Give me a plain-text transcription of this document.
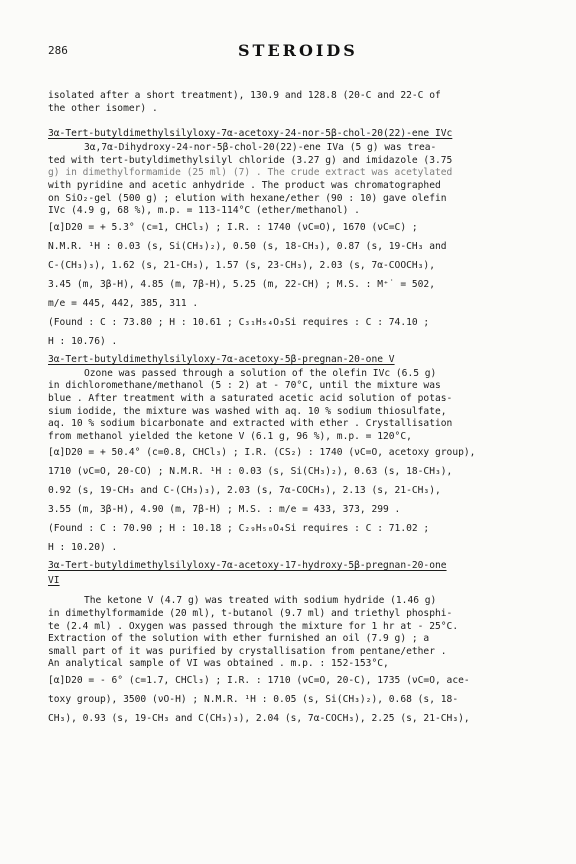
286	STEROIDS
isolated after a short treatment), 130.9 and 128.8 (20-C and 22-C of
the other isomer) .
3α-Tert-butyldimethylsilyloxy-7α-acetoxy-24-nor-5β-chol-20(22)-ene IVc
3α,7α-Dihydroxy-24-nor-5β-chol-20(22)-ene IVa (5 g) was trea-
ted with tert-butyldimethylsilyl chloride (3.27 g) and imidazole (3.75
g) in dimethylformamide (25 ml) (7) . The crude extract was acetylated
with pyridine and acetic anhydride . The product was chromatographed
on SiO₂-gel (500 g) ; elution with hexane/ether (90 : 10) gave olefin
IVc (4.9 g, 68 %), m.p. = 113-114°C (ether/methanol) .
[α]D20 = + 5.3° (c=1, CHCl₃) ; I.R. : 1740 (νC=O), 1670 (νC=C) ;
N.M.R. ¹H : 0.03 (s, Si(CH₃)₂), 0.50 (s, 18-CH₃), 0.87 (s, 19-CH₃ and
C-(CH₃)₃), 1.62 (s, 21-CH₃), 1.57 (s, 23-CH₃), 2.03 (s, 7α-COOCH₃),
3.45 (m, 3β-H), 4.85 (m, 7β-H), 5.25 (m, 22-CH) ; M.S. : M⁺˙ = 502,
m/e = 445, 442, 385, 311 .
(Found : C : 73.80 ; H : 10.61 ; C₃₁H₅₄O₃Si requires : C : 74.10 ;
H : 10.76) .
3α-Tert-butyldimethylsilyloxy-7α-acetoxy-5β-pregnan-20-one V
Ozone was passed through a solution of the olefin IVc (6.5 g)
in dichloromethane/methanol (5 : 2) at - 70°C, until the mixture was
blue . After treatment with a saturated acetic acid solution of potas-
sium iodide, the mixture was washed with aq. 10 % sodium thiosulfate,
aq. 10 % sodium bicarbonate and extracted with ether . Crystallisation
from methanol yielded the ketone V (6.1 g, 96 %), m.p. = 120°C,
[α]D20 = + 50.4° (c=0.8, CHCl₃) ; I.R. (CS₂) : 1740 (νC=O, acetoxy group),
1710 (νC=O, 20-CO) ; N.M.R. ¹H : 0.03 (s, Si(CH₃)₂), 0.63 (s, 18-CH₃),
0.92 (s, 19-CH₃ and C-(CH₃)₃), 2.03 (s, 7α-COCH₃), 2.13 (s, 21-CH₃),
3.55 (m, 3β-H), 4.90 (m, 7β-H) ; M.S. : m/e = 433, 373, 299 .
(Found : C : 70.90 ; H : 10.18 ; C₂₉H₅₀O₄Si requires : C : 71.02 ;
H : 10.20) .
3α-Tert-butyldimethylsilyloxy-7α-acetoxy-17-hydroxy-5β-pregnan-20-one
VI
The ketone V (4.7 g) was treated with sodium hydride (1.46 g)
in dimethylformamide (20 ml), t-butanol (9.7 ml) and triethyl phosphi-
te (2.4 ml) . Oxygen was passed through the mixture for 1 hr at - 25°C.
Extraction of the solution with ether furnished an oil (7.9 g) ; a
small part of it was purified by crystallisation from pentane/ether .
An analytical sample of VI was obtained . m.p. : 152-153°C,
[α]D20 = - 6° (c=1.7, CHCl₃) ; I.R. : 1710 (νC=O, 20-C), 1735 (νC=O, ace-
toxy group), 3500 (νO-H) ; N.M.R. ¹H : 0.05 (s, Si(CH₃)₂), 0.68 (s, 18-
CH₃), 0.93 (s, 19-CH₃ and C(CH₃)₃), 2.04 (s, 7α-COCH₃), 2.25 (s, 21-CH₃),
